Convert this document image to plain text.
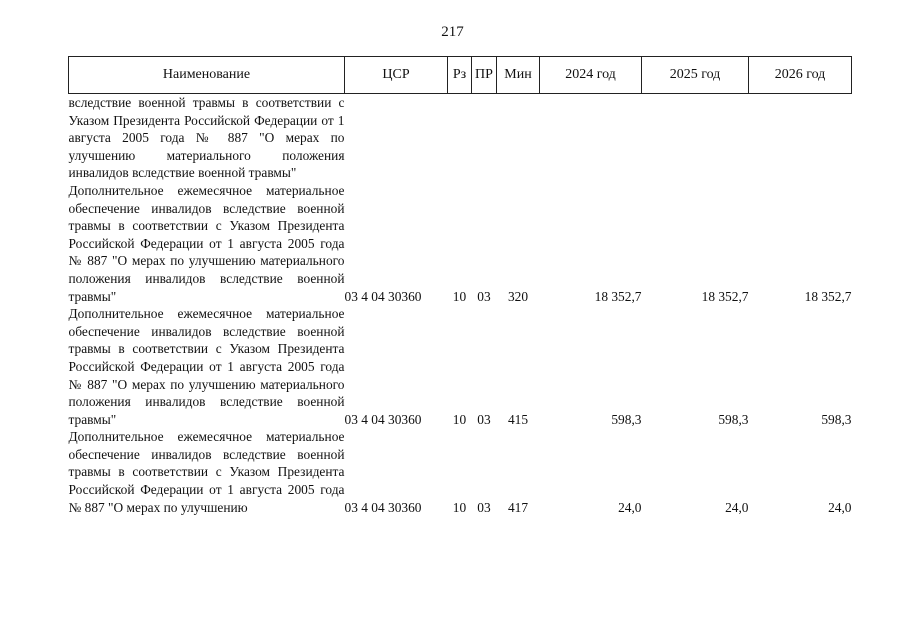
217
Наименование	ЦСР	Рз	ПР	Мин	2024 год	2025 год	2026 год
вследствие военной травмы в соответствии с Указом Президента Российской Федерации от 1 августа 2005 года № 887 "О мерах по улучшению материального положения инвалидов вследствие военной травмы"							
Дополнительное ежемесячное материальное обеспечение инвалидов вследствие военной травмы в соответствии с Указом Президента Российской Федерации от 1 августа 2005 года № 887 "О мерах по улучшению материального положения инвалидов вследствие военной травмы"	03 4 04 30360	10	03	320	18 352,7	18 352,7	18 352,7
Дополнительное ежемесячное материальное обеспечение инвалидов вследствие военной травмы в соответствии с Указом Президента Российской Федерации от 1 августа 2005 года № 887 "О мерах по улучшению материального положения инвалидов вследствие военной травмы"	03 4 04 30360	10	03	415	598,3	598,3	598,3
Дополнительное ежемесячное материальное обеспечение инвалидов вследствие военной травмы в соответствии с Указом Президента Российской Федерации от 1 августа 2005 года № 887 "О мерах по улучшению	03 4 04 30360	10	03	417	24,0	24,0	24,0
